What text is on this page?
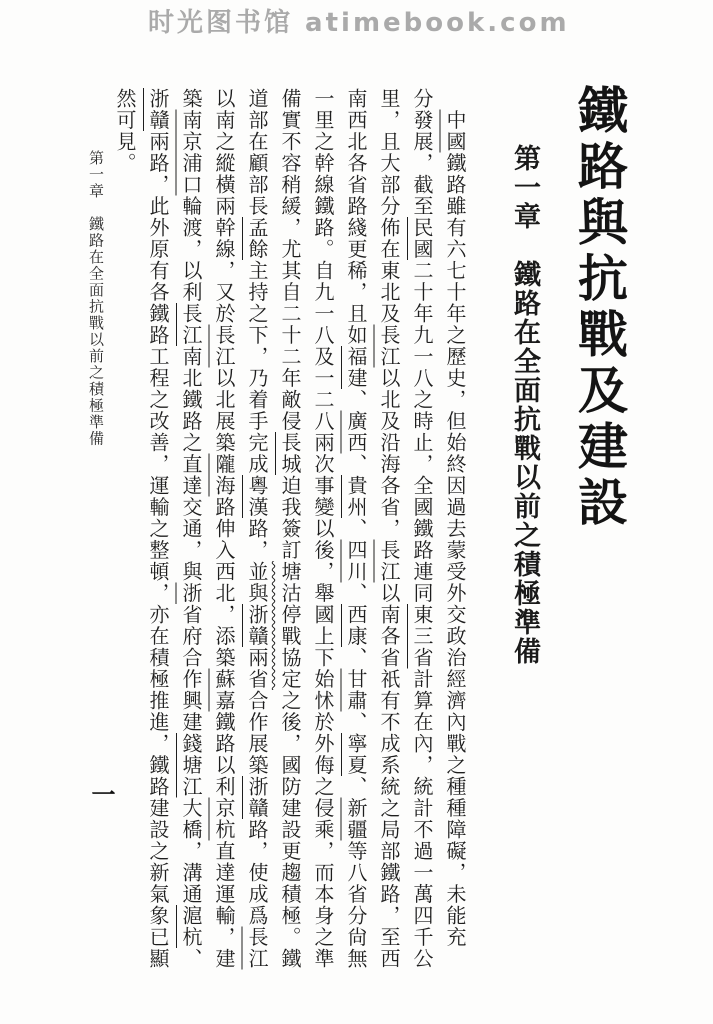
时光图书馆 atimebook.com
鐵路與抗戰及建設
第一章　鐵路在全面抗戰以前之積極準備
　中國鐵路雖有六七十年之歷史，但始終因過去蒙受外交政治經濟內戰之種種障礙，未能充
分發展，截至民國二十年九一八之時止，全國鐵路連同東三省計算在內，統計不過一萬四千公
里，且大部分佈在東北及長江以北及沿海各省，長江以南各省祇有不成系統之局部鐵路，至西
南西北各省路綫更稀，且如福建、廣西、貴州、四川、西康、甘肅、寧夏、新疆等八省分尙無
一里之幹線鐵路。自九一八及一二八兩次事變以後，舉國上下始怵於外侮之侵乘，而本身之準
備實不容稍緩，尤其自二十二年敵侵長城迫我簽訂塘沽停戰協定之後，國防建設更趨積極。鐵
道部在顧部長孟餘主持之下，乃着手完成粵漢路，並與浙贛兩省合作展築浙贛路，使成爲長江
以南之縱橫兩幹線，又於長江以北展築隴海路伸入西北，添築蘇嘉鐵路以利京杭直達運輸，建
築南京浦口輪渡，以利長江南北鐵路之直達交通，與浙省府合作興建錢塘江大橋，溝通滬杭、
浙贛兩路，此外原有各鐵路工程之改善，運輸之整頓，亦在積極推進，鐵路建設之新氣象已顯
然可見。
第一章　鐵路在全面抗戰以前之積極準備
一
